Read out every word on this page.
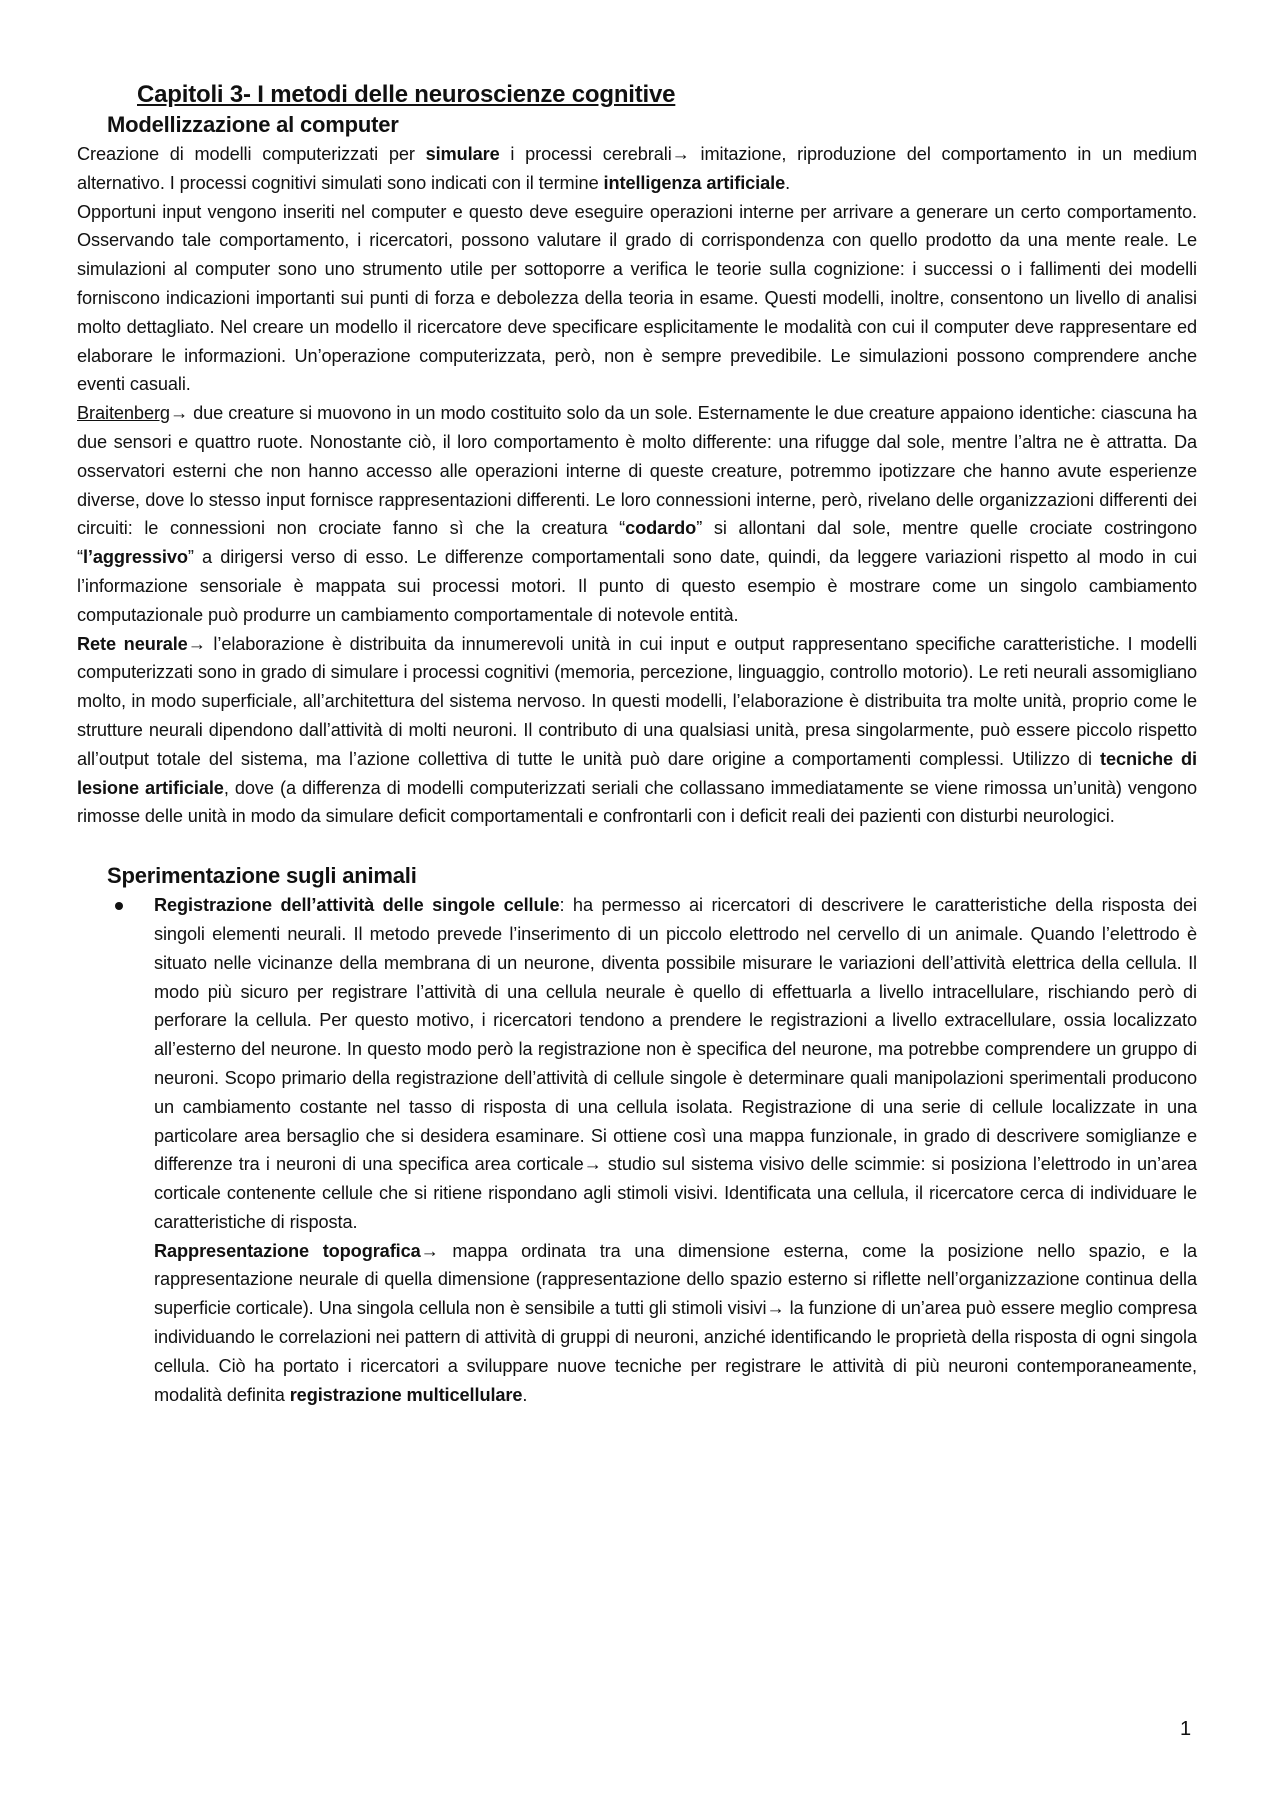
Capitoli 3- I metodi delle neuroscienze cognitive
Modellizzazione al computer

Creazione di modelli computerizzati per simulare i processi cerebrali→ imitazione, riproduzione del comportamento in un medium alternativo. I processi cognitivi simulati sono indicati con il termine intelligenza artificiale.

Opportuni input vengono inseriti nel computer e questo deve eseguire operazioni interne per arrivare a generare un certo comportamento. Osservando tale comportamento, i ricercatori, possono valutare il grado di corrispondenza con quello prodotto da una mente reale. Le simulazioni al computer sono uno strumento utile per sottoporre a verifica le teorie sulla cognizione: i successi o i fallimenti dei modelli forniscono indicazioni importanti sui punti di forza e debolezza della teoria in esame. Questi modelli, inoltre, consentono un livello di analisi molto dettagliato. Nel creare un modello il ricercatore deve specificare esplicitamente le modalità con cui il computer deve rappresentare ed elaborare le informazioni. Un’operazione computerizzata, però, non è sempre prevedibile. Le simulazioni possono comprendere anche eventi casuali.

Braitenberg→ due creature si muovono in un modo costituito solo da un sole. Esternamente le due creature appaiono identiche: ciascuna ha due sensori e quattro ruote. Nonostante ciò, il loro comportamento è molto differente: una rifugge dal sole, mentre l’altra ne è attratta. Da osservatori esterni che non hanno accesso alle operazioni interne di queste creature, potremmo ipotizzare che hanno avute esperienze diverse, dove lo stesso input fornisce rappresentazioni differenti. Le loro connessioni interne, però, rivelano delle organizzazioni differenti dei circuiti: le connessioni non crociate fanno sì che la creatura “codardo” si allontani dal sole, mentre quelle crociate costringono “l’aggressivo” a dirigersi verso di esso. Le differenze comportamentali sono date, quindi, da leggere variazioni rispetto al modo in cui l’informazione sensoriale è mappata sui processi motori. Il punto di questo esempio è mostrare come un singolo cambiamento computazionale può produrre un cambiamento comportamentale di notevole entità.

Rete neurale→ l’elaborazione è distribuita da innumerevoli unità in cui input e output rappresentano specifiche caratteristiche. I modelli computerizzati sono in grado di simulare i processi cognitivi (memoria, percezione, linguaggio, controllo motorio). Le reti neurali assomigliano molto, in modo superficiale, all’architettura del sistema nervoso. In questi modelli, l’elaborazione è distribuita tra molte unità, proprio come le strutture neurali dipendono dall’attività di molti neuroni. Il contributo di una qualsiasi unità, presa singolarmente, può essere piccolo rispetto all’output totale del sistema, ma l’azione collettiva di tutte le unità può dare origine a comportamenti complessi. Utilizzo di tecniche di lesione artificiale, dove (a differenza di modelli computerizzati seriali che collassano immediatamente se viene rimossa un’unità) vengono rimosse delle unità in modo da simulare deficit comportamentali e confrontarli con i deficit reali dei pazienti con disturbi neurologici.

Sperimentazione sugli animali

Registrazione dell’attività delle singole cellule: ha permesso ai ricercatori di descrivere le caratteristiche della risposta dei singoli elementi neurali. Il metodo prevede l’inserimento di un piccolo elettrodo nel cervello di un animale. Quando l’elettrodo è situato nelle vicinanze della membrana di un neurone, diventa possibile misurare le variazioni dell’attività elettrica della cellula. Il modo più sicuro per registrare l’attività di una cellula neurale è quello di effettuarla a livello intracellulare, rischiando però di perforare la cellula. Per questo motivo, i ricercatori tendono a prendere le registrazioni a livello extracellulare, ossia localizzato all’esterno del neurone. In questo modo però la registrazione non è specifica del neurone, ma potrebbe comprendere un gruppo di neuroni. Scopo primario della registrazione dell’attività di cellule singole è determinare quali manipolazioni sperimentali producono un cambiamento costante nel tasso di risposta di una cellula isolata. Registrazione di una serie di cellule localizzate in una particolare area bersaglio che si desidera esaminare. Si ottiene così una mappa funzionale, in grado di descrivere somiglianze e differenze tra i neuroni di una specifica area corticale→ studio sul sistema visivo delle scimmie: si posiziona l’elettrodo in un’area corticale contenente cellule che si ritiene rispondano agli stimoli visivi. Identificata una cellula, il ricercatore cerca di individuare le caratteristiche di risposta.

Rappresentazione topografica→ mappa ordinata tra una dimensione esterna, come la posizione nello spazio, e la rappresentazione neurale di quella dimensione (rappresentazione dello spazio esterno si riflette nell’organizzazione continua della superficie corticale). Una singola cellula non è sensibile a tutti gli stimoli visivi→ la funzione di un’area può essere meglio compresa individuando le correlazioni nei pattern di attività di gruppi di neuroni, anziché identificando le proprietà della risposta di ogni singola cellula. Ciò ha portato i ricercatori a sviluppare nuove tecniche per registrare le attività di più neuroni contemporaneamente, modalità definita registrazione multicellulare.

1
